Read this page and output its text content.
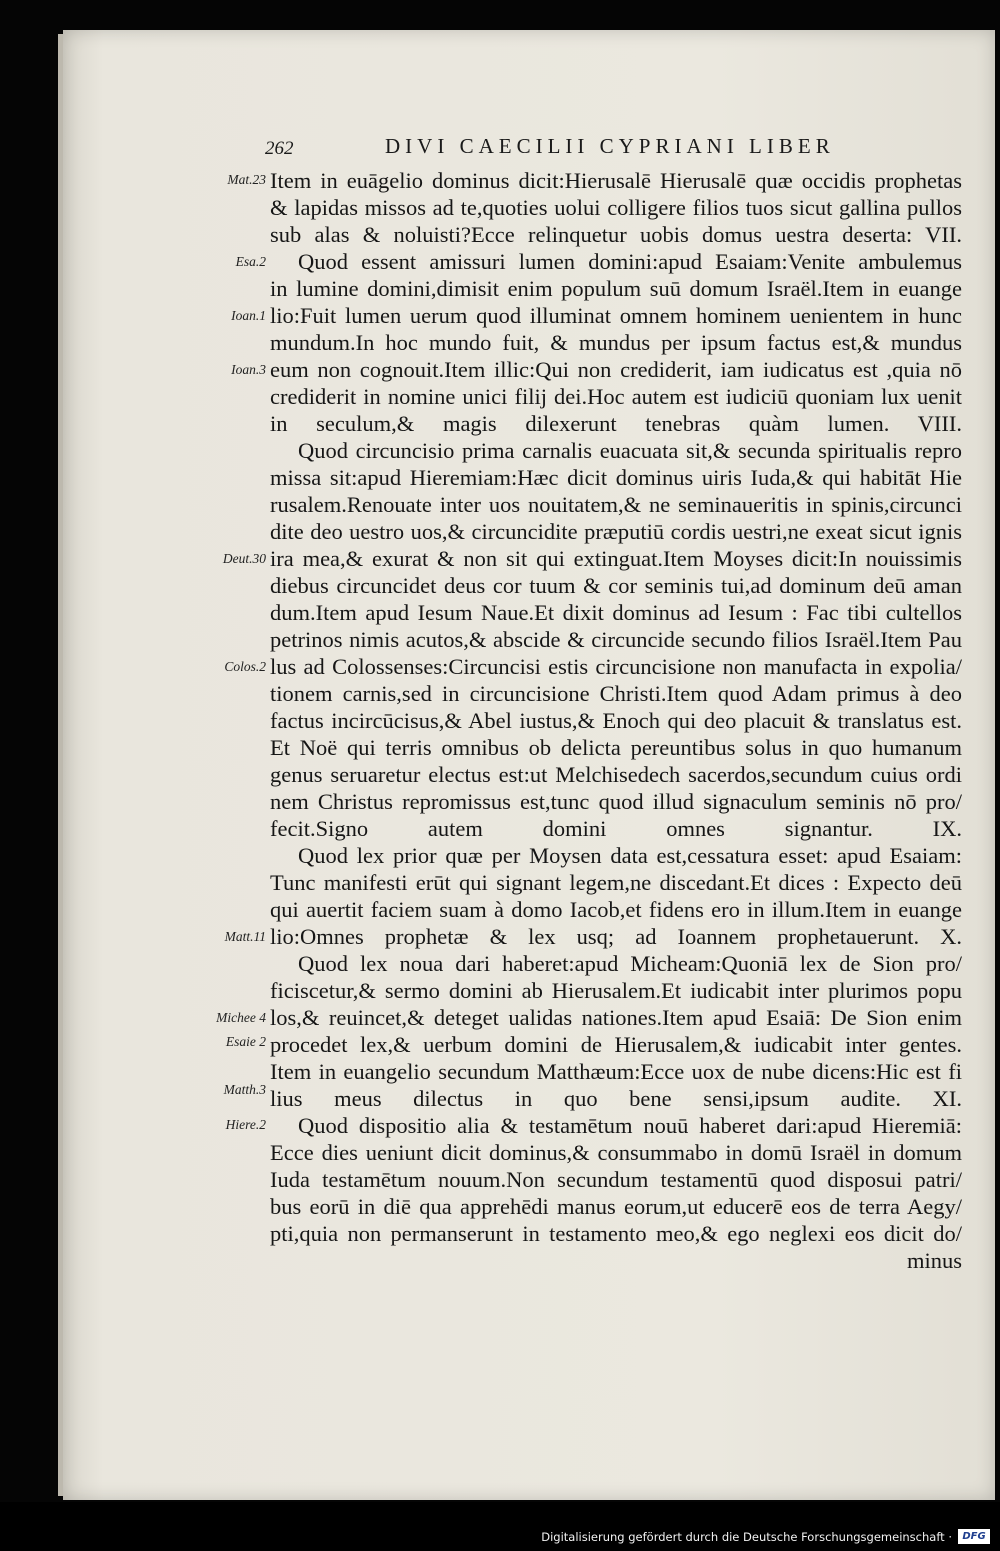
262	DIVI CAECILII CYPRIANI LIBER
Item in euāgelio dominus dicit:Hierusalē Hierusalē quæ occidis prophetas
& lapidas missos ad te,quoties uolui colligere filios tuos sicut gallina pullos
sub alas & noluisti?Ecce relinquetur uobis domus uestra deserta: VII.
Quod essent amissuri lumen domini:apud Esaiam:Venite ambulemus
in lumine domini,dimisit enim populum suū domum Israël.Item in euange
lio:Fuit lumen uerum quod illuminat omnem hominem uenientem in hunc
mundum.In hoc mundo fuit, & mundus per ipsum factus est,& mundus
eum non cognouit.Item illic:Qui non crediderit, iam iudicatus est ,quia nō
crediderit in nomine unici filij dei.Hoc autem est iudiciū quoniam lux uenit
in seculum,& magis dilexerunt tenebras quàm lumen. VIII.
Quod circuncisio prima carnalis euacuata sit,& secunda spiritualis repro
missa sit:apud Hieremiam:Hæc dicit dominus uiris Iuda,& qui habitāt Hie
rusalem.Renouate inter uos nouitatem,& ne seminaueritis in spinis,circunci
dite deo uestro uos,& circuncidite præputiū cordis uestri,ne exeat sicut ignis
ira mea,& exurat & non sit qui extinguat.Item Moyses dicit:In nouissimis
diebus circuncidet deus cor tuum & cor seminis tui,ad dominum deū aman
dum.Item apud Iesum Naue.Et dixit dominus ad Iesum : Fac tibi cultellos
petrinos nimis acutos,& abscide & circuncide secundo filios Israël.Item Pau
lus ad Colossenses:Circuncisi estis circuncisione non manufacta in expolia/
tionem carnis,sed in circuncisione Christi.Item quod Adam primus à deo
factus incircūcisus,& Abel iustus,& Enoch qui deo placuit & translatus est.
Et Noë qui terris omnibus ob delicta pereuntibus solus in quo humanum
genus seruaretur electus est:ut Melchisedech sacerdos,secundum cuius ordi
nem Christus repromissus est,tunc quod illud signaculum seminis nō pro/
fecit.Signo autem domini omnes signantur. IX.
Quod lex prior quæ per Moysen data est,cessatura esset: apud Esaiam:
Tunc manifesti erūt qui signant legem,ne discedant.Et dices : Expecto deū
qui auertit faciem suam à domo Iacob,et fidens ero in illum.Item in euange
lio:Omnes prophetæ & lex usq; ad Ioannem prophetauerunt. X.
Quod lex noua dari haberet:apud Micheam:Quoniā lex de Sion pro/
ficiscetur,& sermo domini ab Hierusalem.Et iudicabit inter plurimos popu
los,& reuincet,& deteget ualidas nationes.Item apud Esaiā: De Sion enim
procedet lex,& uerbum domini de Hierusalem,& iudicabit inter gentes.
Item in euangelio secundum Matthæum:Ecce uox de nube dicens:Hic est fi
lius meus dilectus in quo bene sensi,ipsum audite. XI.
Quod dispositio alia & testamētum nouū haberet dari:apud Hieremiā:
Ecce dies ueniunt dicit dominus,& consummabo in domū Israël in domum
Iuda testamētum nouum.Non secundum testamentū quod disposui patri/
bus eorū in diē qua apprehēdi manus eorum,ut educerē eos de terra Aegy/
pti,quia non permanserunt in testamento meo,& ego neglexi eos dicit do/
minus
Mat.23
Esa.2
Ioan.1
Ioan.3
Deut.30
Colos.2
Matt.11
Michee 4
Esaie 2
Matth.3
Hiere.2
Digitalisierung gefördert durch die Deutsche Forschungsgemeinschaft ·	DFG
